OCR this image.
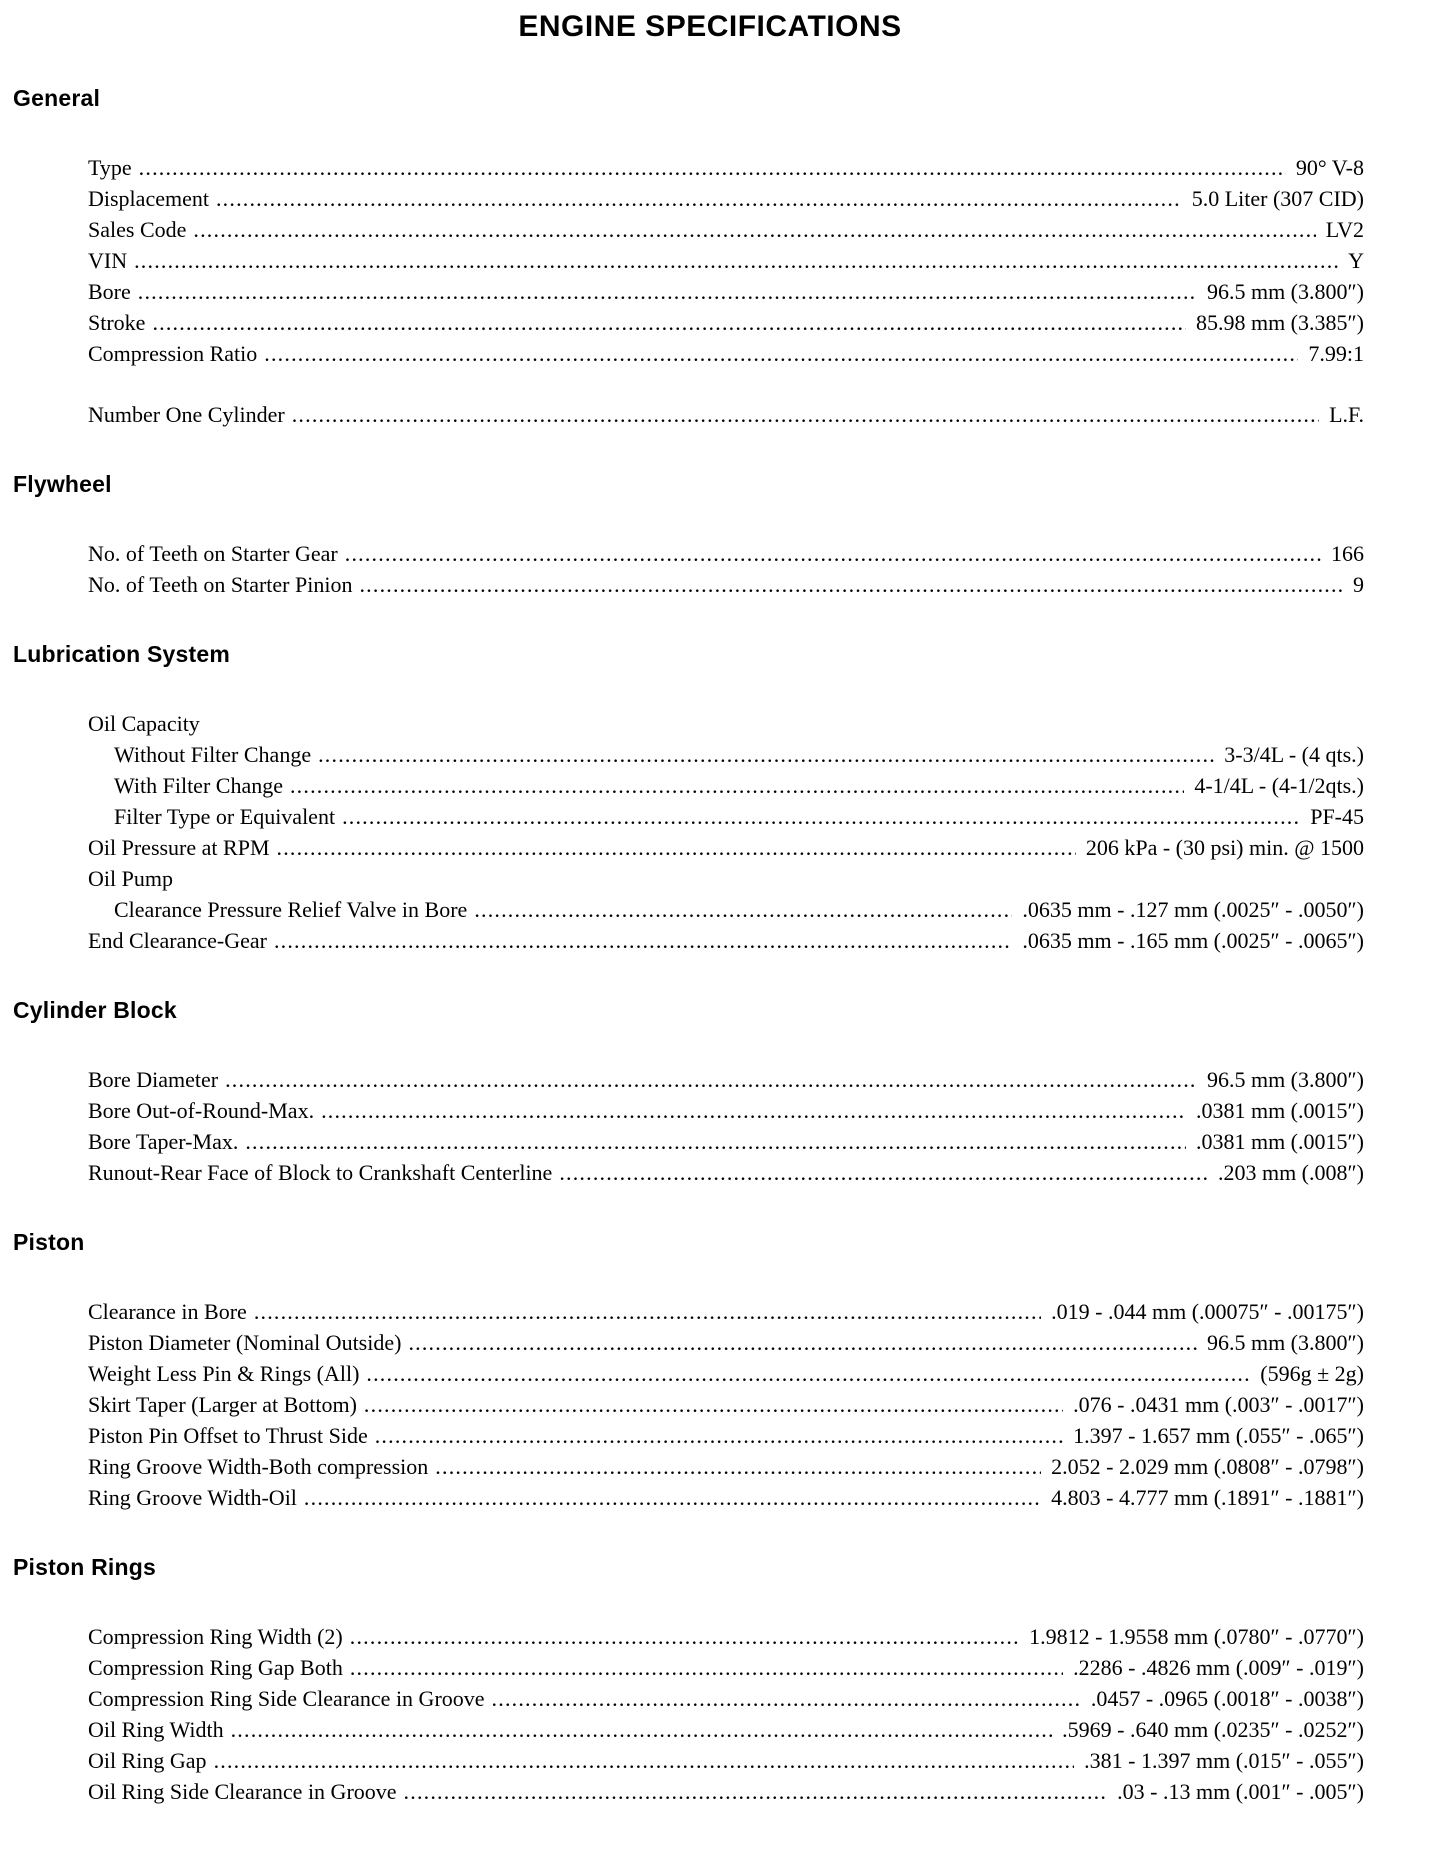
ENGINE SPECIFICATIONS
General
Type .....	90° V-8
Displacement .....	5.0 Liter (307 CID)
Sales Code .....	LV2
VIN .....	Y
Bore .....	96.5 mm (3.800″)
Stroke .....	85.98 mm (3.385″)
Compression Ratio .....	7.99:1
Number One Cylinder .....	L.F.
Flywheel
No. of Teeth on Starter Gear .....	166
No. of Teeth on Starter Pinion .....	9
Lubrication System
Oil Capacity
Without Filter Change .....	3-3/4L - (4 qts.)
With Filter Change .....	4-1/4L - (4-1/2qts.)
Filter Type or Equivalent .....	PF-45
Oil Pressure at RPM .....	206 kPa - (30 psi) min. @ 1500
Oil Pump
Clearance Pressure Relief Valve in Bore .....	.0635 mm - .127 mm (.0025″ - .0050″)
End Clearance-Gear .....	.0635 mm - .165 mm (.0025″ - .0065″)
Cylinder Block
Bore Diameter .....	96.5 mm (3.800″)
Bore Out-of-Round-Max. .....	.0381 mm (.0015″)
Bore Taper-Max. .....	.0381 mm (.0015″)
Runout-Rear Face of Block to Crankshaft Centerline .....	.203 mm (.008″)
Piston
Clearance in Bore .....	.019 - .044 mm (.00075″ - .00175″)
Piston Diameter (Nominal Outside) .....	96.5 mm (3.800″)
Weight Less Pin & Rings (All) .....	(596g ± 2g)
Skirt Taper (Larger at Bottom) .....	.076 - .0431 mm (.003″ - .0017″)
Piston Pin Offset to Thrust Side .....	1.397 - 1.657 mm (.055″ - .065″)
Ring Groove Width-Both compression .....	2.052 - 2.029 mm (.0808″ - .0798″)
Ring Groove Width-Oil .....	4.803 - 4.777 mm (.1891″ - .1881″)
Piston Rings
Compression Ring Width (2) .....	1.9812 - 1.9558 mm (.0780″ - .0770″)
Compression Ring Gap Both .....	.2286 - .4826 mm (.009″ - .019″)
Compression Ring Side Clearance in Groove .....	.0457 - .0965 (.0018″ - .0038″)
Oil Ring Width .....	.5969 - .640 mm (.0235″ - .0252″)
Oil Ring Gap .....	.381 - 1.397 mm (.015″ - .055″)
Oil Ring Side Clearance in Groove .....	.03 - .13 mm (.001″ - .005″)
